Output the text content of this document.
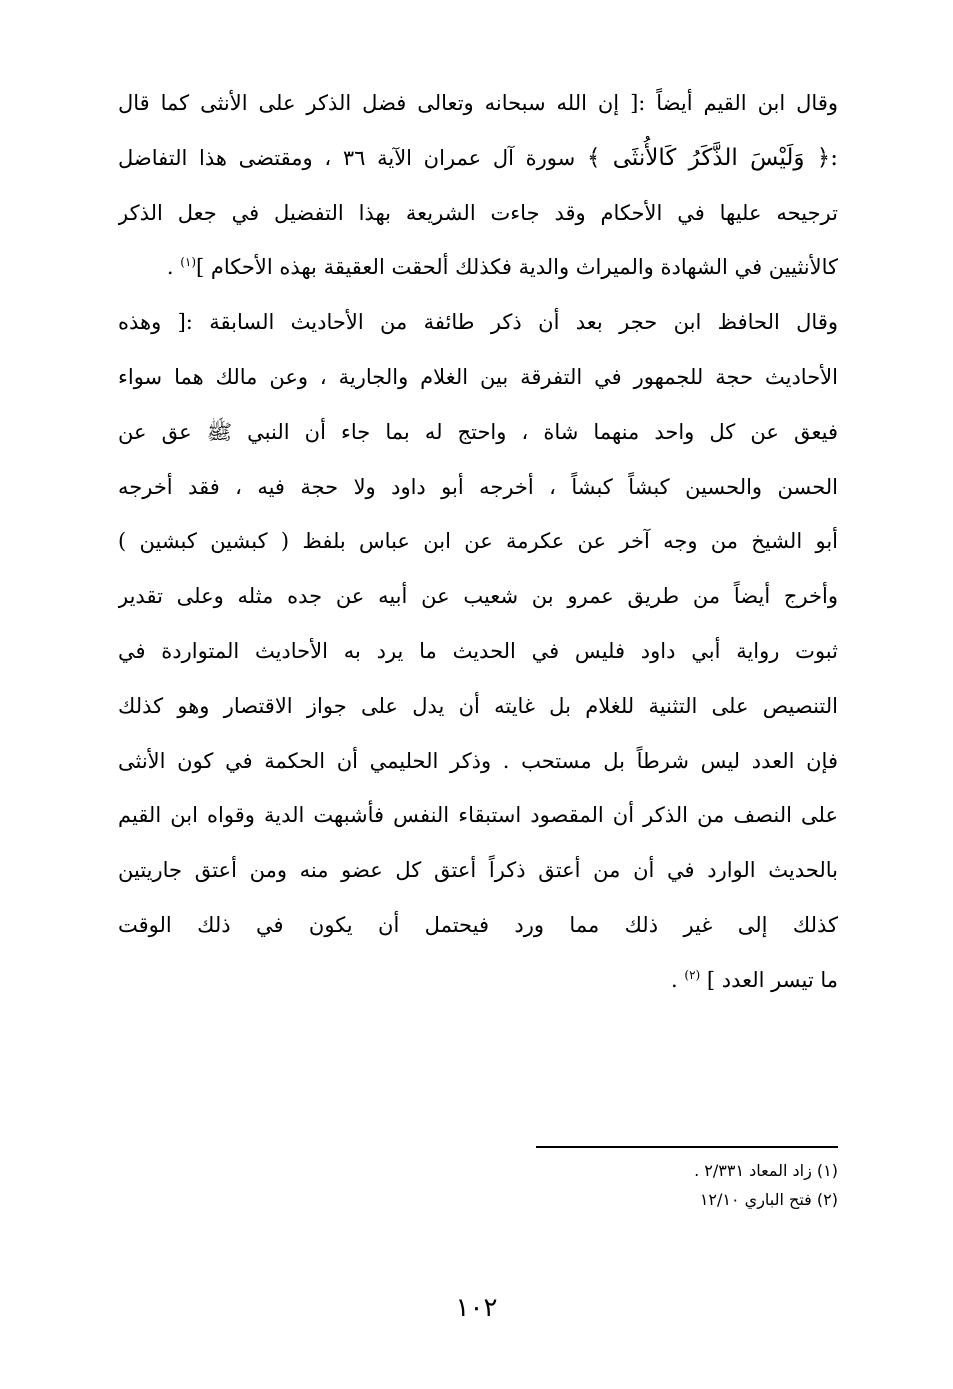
وقال ابن القيم أيضاً :[ إن الله سبحانه وتعالى فضل الذكر على الأنثى كما قال
:﴿ وَلَيْسَ الذَّكَرُ كَالأُنثَى ﴾ سورة آل عمران الآية ٣٦ ، ومقتضى هذا التفاضل
ترجيحه عليها في الأحكام وقد جاءت الشريعة بهذا التفضيل في جعل الذكر
كالأنثيين في الشهادة والميراث والدية فكذلك ألحقت العقيقة بهذه الأحكام ]$^{(١)}$ .
وقال الحافظ ابن حجر بعد أن ذكر طائفة من الأحاديث السابقة :[ وهذه
الأحاديث حجة للجمهور في التفرقة بين الغلام والجارية ، وعن مالك هما سواء
فيعق عن كل واحد منهما شاة ، واحتج له بما جاء أن النبي ﷺ عق عن
الحسن والحسين كبشاً كبشاً ، أخرجه أبو داود ولا حجة فيه ، فقد أخرجه
أبو الشيخ من وجه آخر عن عكرمة عن ابن عباس بلفظ ( كبشين كبشين )
وأخرج أيضاً من طريق عمرو بن شعيب عن أبيه عن جده مثله وعلى تقدير
ثبوت رواية أبي داود فليس في الحديث ما يرد به الأحاديث المتواردة في
التنصيص على التثنية للغلام بل غايته أن يدل على جواز الاقتصار وهو كذلك
فإن العدد ليس شرطاً بل مستحب . وذكر الحليمي أن الحكمة في كون الأنثى
على النصف من الذكر أن المقصود استبقاء النفس فأشبهت الدية وقواه ابن القيم
بالحديث الوارد في أن من أعتق ذكراً أعتق كل عضو منه ومن أعتق جاريتين
كذلك إلى غير ذلك مما ورد فيحتمل أن يكون في ذلك الوقت
ما تيسر العدد ] $^{(٢)}$ .
(١) زاد المعاد ٢/٣٣١ .
(٢) فتح الباري ١٢/١٠
١٠٢
